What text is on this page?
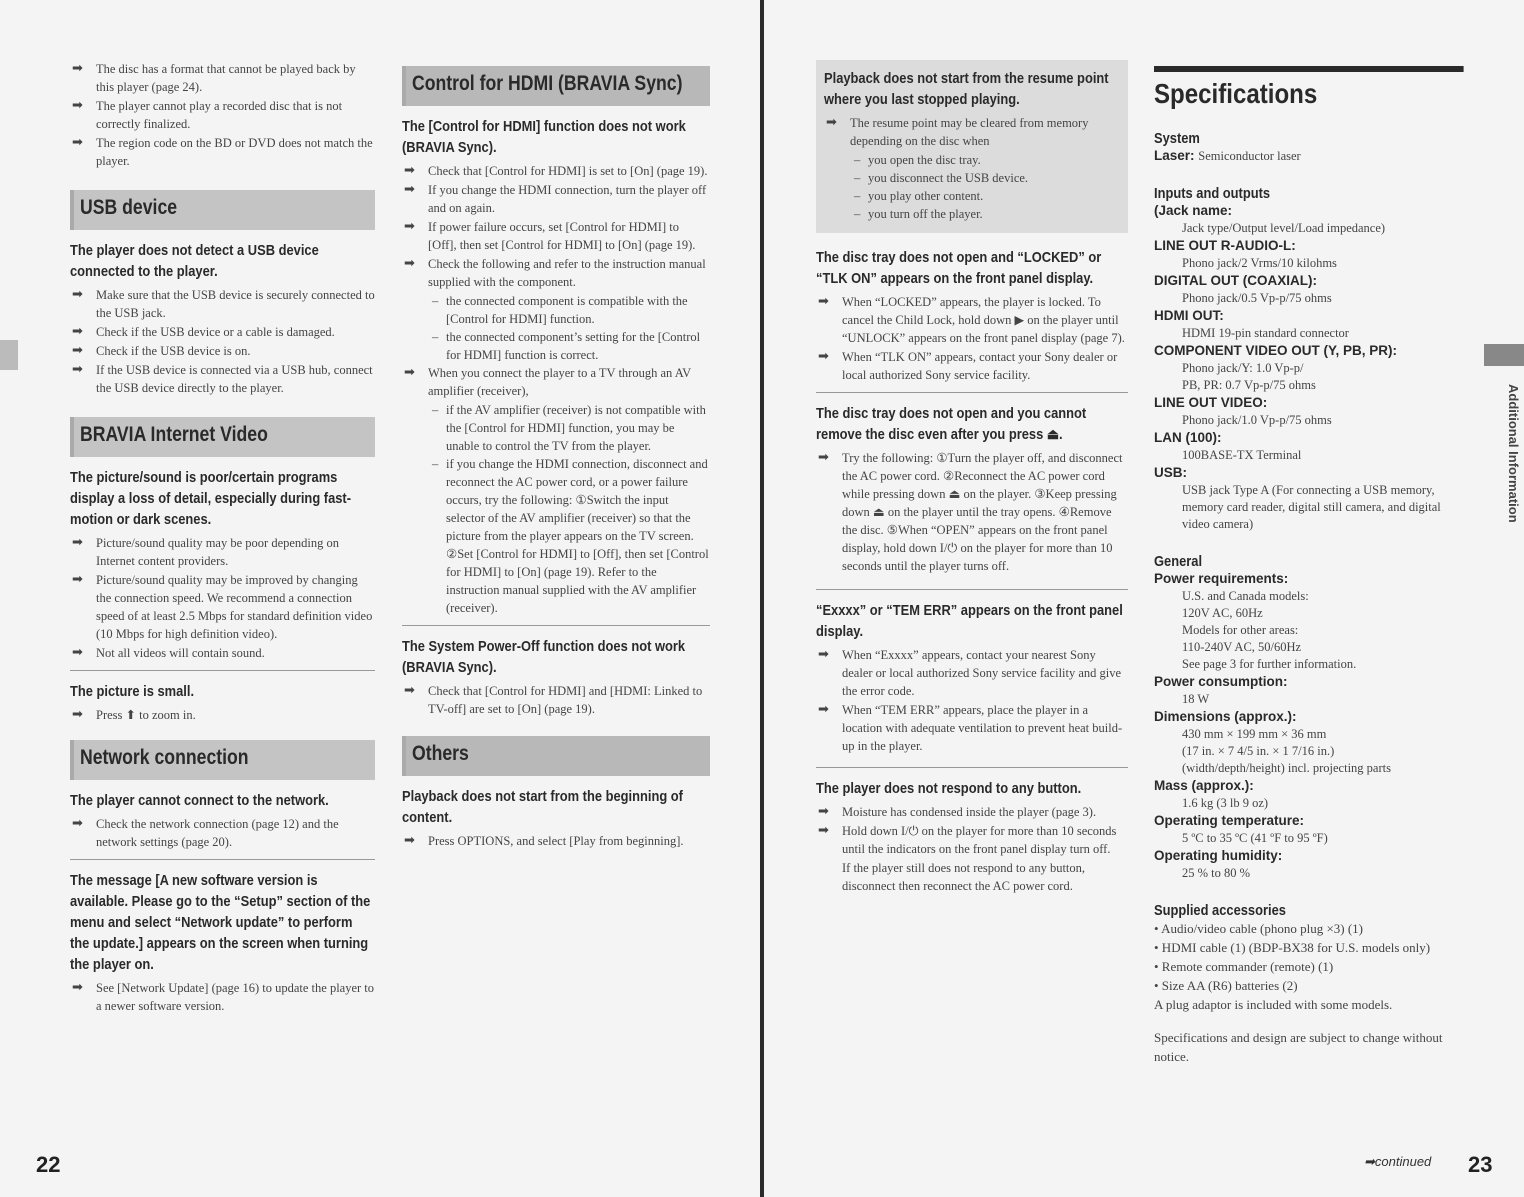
➡ The disc has a format that cannot be played back by this player (page 24).
➡ The player cannot play a recorded disc that is not correctly finalized.
➡ The region code on the BD or DVD does not match the player.
USB device
The player does not detect a USB device connected to the player.
➡ Make sure that the USB device is securely connected to the USB jack.
➡ Check if the USB device or a cable is damaged.
➡ Check if the USB device is on.
➡ If the USB device is connected via a USB hub, connect the USB device directly to the player.
BRAVIA Internet Video
The picture/sound is poor/certain programs display a loss of detail, especially during fast-motion or dark scenes.
➡ Picture/sound quality may be poor depending on Internet content providers.
➡ Picture/sound quality may be improved by changing the connection speed. We recommend a connection speed of at least 2.5 Mbps for standard definition video (10 Mbps for high definition video).
➡ Not all videos will contain sound.
The picture is small.
➡ Press ⬆ to zoom in.
Network connection
The player cannot connect to the network.
➡ Check the network connection (page 12) and the network settings (page 20).
The message [A new software version is available. Please go to the “Setup” section of the menu and select “Network update” to perform the update.] appears on the screen when turning the player on.
➡ See [Network Update] (page 16) to update the player to a newer software version.
Control for HDMI (BRAVIA Sync)
The [Control for HDMI] function does not work (BRAVIA Sync).
➡ Check that [Control for HDMI] is set to [On] (page 19).
➡ If you change the HDMI connection, turn the player off and on again.
➡ If power failure occurs, set [Control for HDMI] to [Off], then set [Control for HDMI] to [On] (page 19).
➡ Check the following and refer to the instruction manual supplied with the component.
– the connected component is compatible with the [Control for HDMI] function.
– the connected component’s setting for the [Control for HDMI] function is correct.
➡ When you connect the player to a TV through an AV amplifier (receiver),
– if the AV amplifier (receiver) is not compatible with the [Control for HDMI] function, you may be unable to control the TV from the player.
– if you change the HDMI connection, disconnect and reconnect the AC power cord, or a power failure occurs, try the following: ①Switch the input selector of the AV amplifier (receiver) so that the picture from the player appears on the TV screen. ②Set [Control for HDMI] to [Off], then set [Control for HDMI] to [On] (page 19). Refer to the instruction manual supplied with the AV amplifier (receiver).
The System Power-Off function does not work (BRAVIA Sync).
➡ Check that [Control for HDMI] and [HDMI: Linked to TV-off] are set to [On] (page 19).
Others
Playback does not start from the beginning of content.
➡ Press OPTIONS, and select [Play from beginning].
22
Playback does not start from the resume point where you last stopped playing.
➡ The resume point may be cleared from memory depending on the disc when
– you open the disc tray.
– you disconnect the USB device.
– you play other content.
– you turn off the player.
The disc tray does not open and “LOCKED” or “TLK ON” appears on the front panel display.
➡ When “LOCKED” appears, the player is locked. To cancel the Child Lock, hold down ▶ on the player until “UNLOCK” appears on the front panel display (page 7).
➡ When “TLK ON” appears, contact your Sony dealer or local authorized Sony service facility.
The disc tray does not open and you cannot remove the disc even after you press ⏏.
➡ Try the following: ①Turn the player off, and disconnect the AC power cord. ②Reconnect the AC power cord while pressing down ⏏ on the player. ③Keep pressing down ⏏ on the player until the tray opens. ④Remove the disc. ⑤When “OPEN” appears on the front panel display, hold down I/⏻ on the player for more than 10 seconds until the player turns off.
“Exxxx” or “TEM ERR” appears on the front panel display.
➡ When “Exxxx” appears, contact your nearest Sony dealer or local authorized Sony service facility and give the error code.
➡ When “TEM ERR” appears, place the player in a location with adequate ventilation to prevent heat build-up in the player.
The player does not respond to any button.
➡ Moisture has condensed inside the player (page 3).
➡ Hold down I/⏻ on the player for more than 10 seconds until the indicators on the front panel display turn off.
If the player still does not respond to any button, disconnect then reconnect the AC power cord.
Specifications
System
Laser: Semiconductor laser
Inputs and outputs
(Jack name:
Jack type/Output level/Load impedance)
LINE OUT R-AUDIO-L:
Phono jack/2 Vrms/10 kilohms
DIGITAL OUT (COAXIAL):
Phono jack/0.5 Vp-p/75 ohms
HDMI OUT:
HDMI 19-pin standard connector
COMPONENT VIDEO OUT (Y, PB, PR):
Phono jack/Y: 1.0 Vp-p/
PB, PR: 0.7 Vp-p/75 ohms
LINE OUT VIDEO:
Phono jack/1.0 Vp-p/75 ohms
LAN (100):
100BASE-TX Terminal
USB:
USB jack Type A (For connecting a USB memory, memory card reader, digital still camera, and digital video camera)
General
Power requirements:
U.S. and Canada models:
120V AC, 60Hz
Models for other areas:
110-240V AC, 50/60Hz
See page 3 for further information.
Power consumption:
18 W
Dimensions (approx.):
430 mm × 199 mm × 36 mm
(17 in. × 7 4/5 in. × 1 7/16 in.)
(width/depth/height) incl. projecting parts
Mass (approx.):
1.6 kg (3 lb 9 oz)
Operating temperature:
5 ºC to 35 ºC (41 ºF to 95 ºF)
Operating humidity:
25 % to 80 %
Supplied accessories
• Audio/video cable (phono plug ×3) (1)
• HDMI cable (1) (BDP-BX38 for U.S. models only)
• Remote commander (remote) (1)
• Size AA (R6) batteries (2)
A plug adaptor is included with some models.
Specifications and design are subject to change without notice.
Additional Information
➡continued 23
